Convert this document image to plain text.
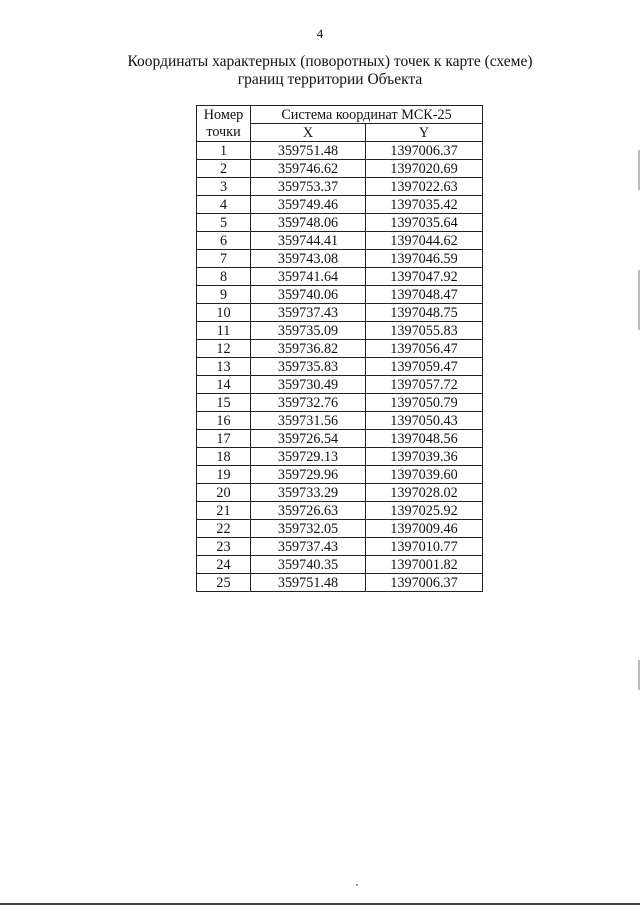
4
Координаты характерных (поворотных) точек к карте (схеме)
границ территории Объекта
Номер	Система координат МСК-25	
точки	X	Y
1	359751.48	1397006.37
2	359746.62	1397020.69
3	359753.37	1397022.63
4	359749.46	1397035.42
5	359748.06	1397035.64
6	359744.41	1397044.62
7	359743.08	1397046.59
8	359741.64	1397047.92
9	359740.06	1397048.47
10	359737.43	1397048.75
11	359735.09	1397055.83
12	359736.82	1397056.47
13	359735.83	1397059.47
14	359730.49	1397057.72
15	359732.76	1397050.79
16	359731.56	1397050.43
17	359726.54	1397048.56
18	359729.13	1397039.36
19	359729.96	1397039.60
20	359733.29	1397028.02
21	359726.63	1397025.92
22	359732.05	1397009.46
23	359737.43	1397010.77
24	359740.35	1397001.82
25	359751.48	1397006.37
